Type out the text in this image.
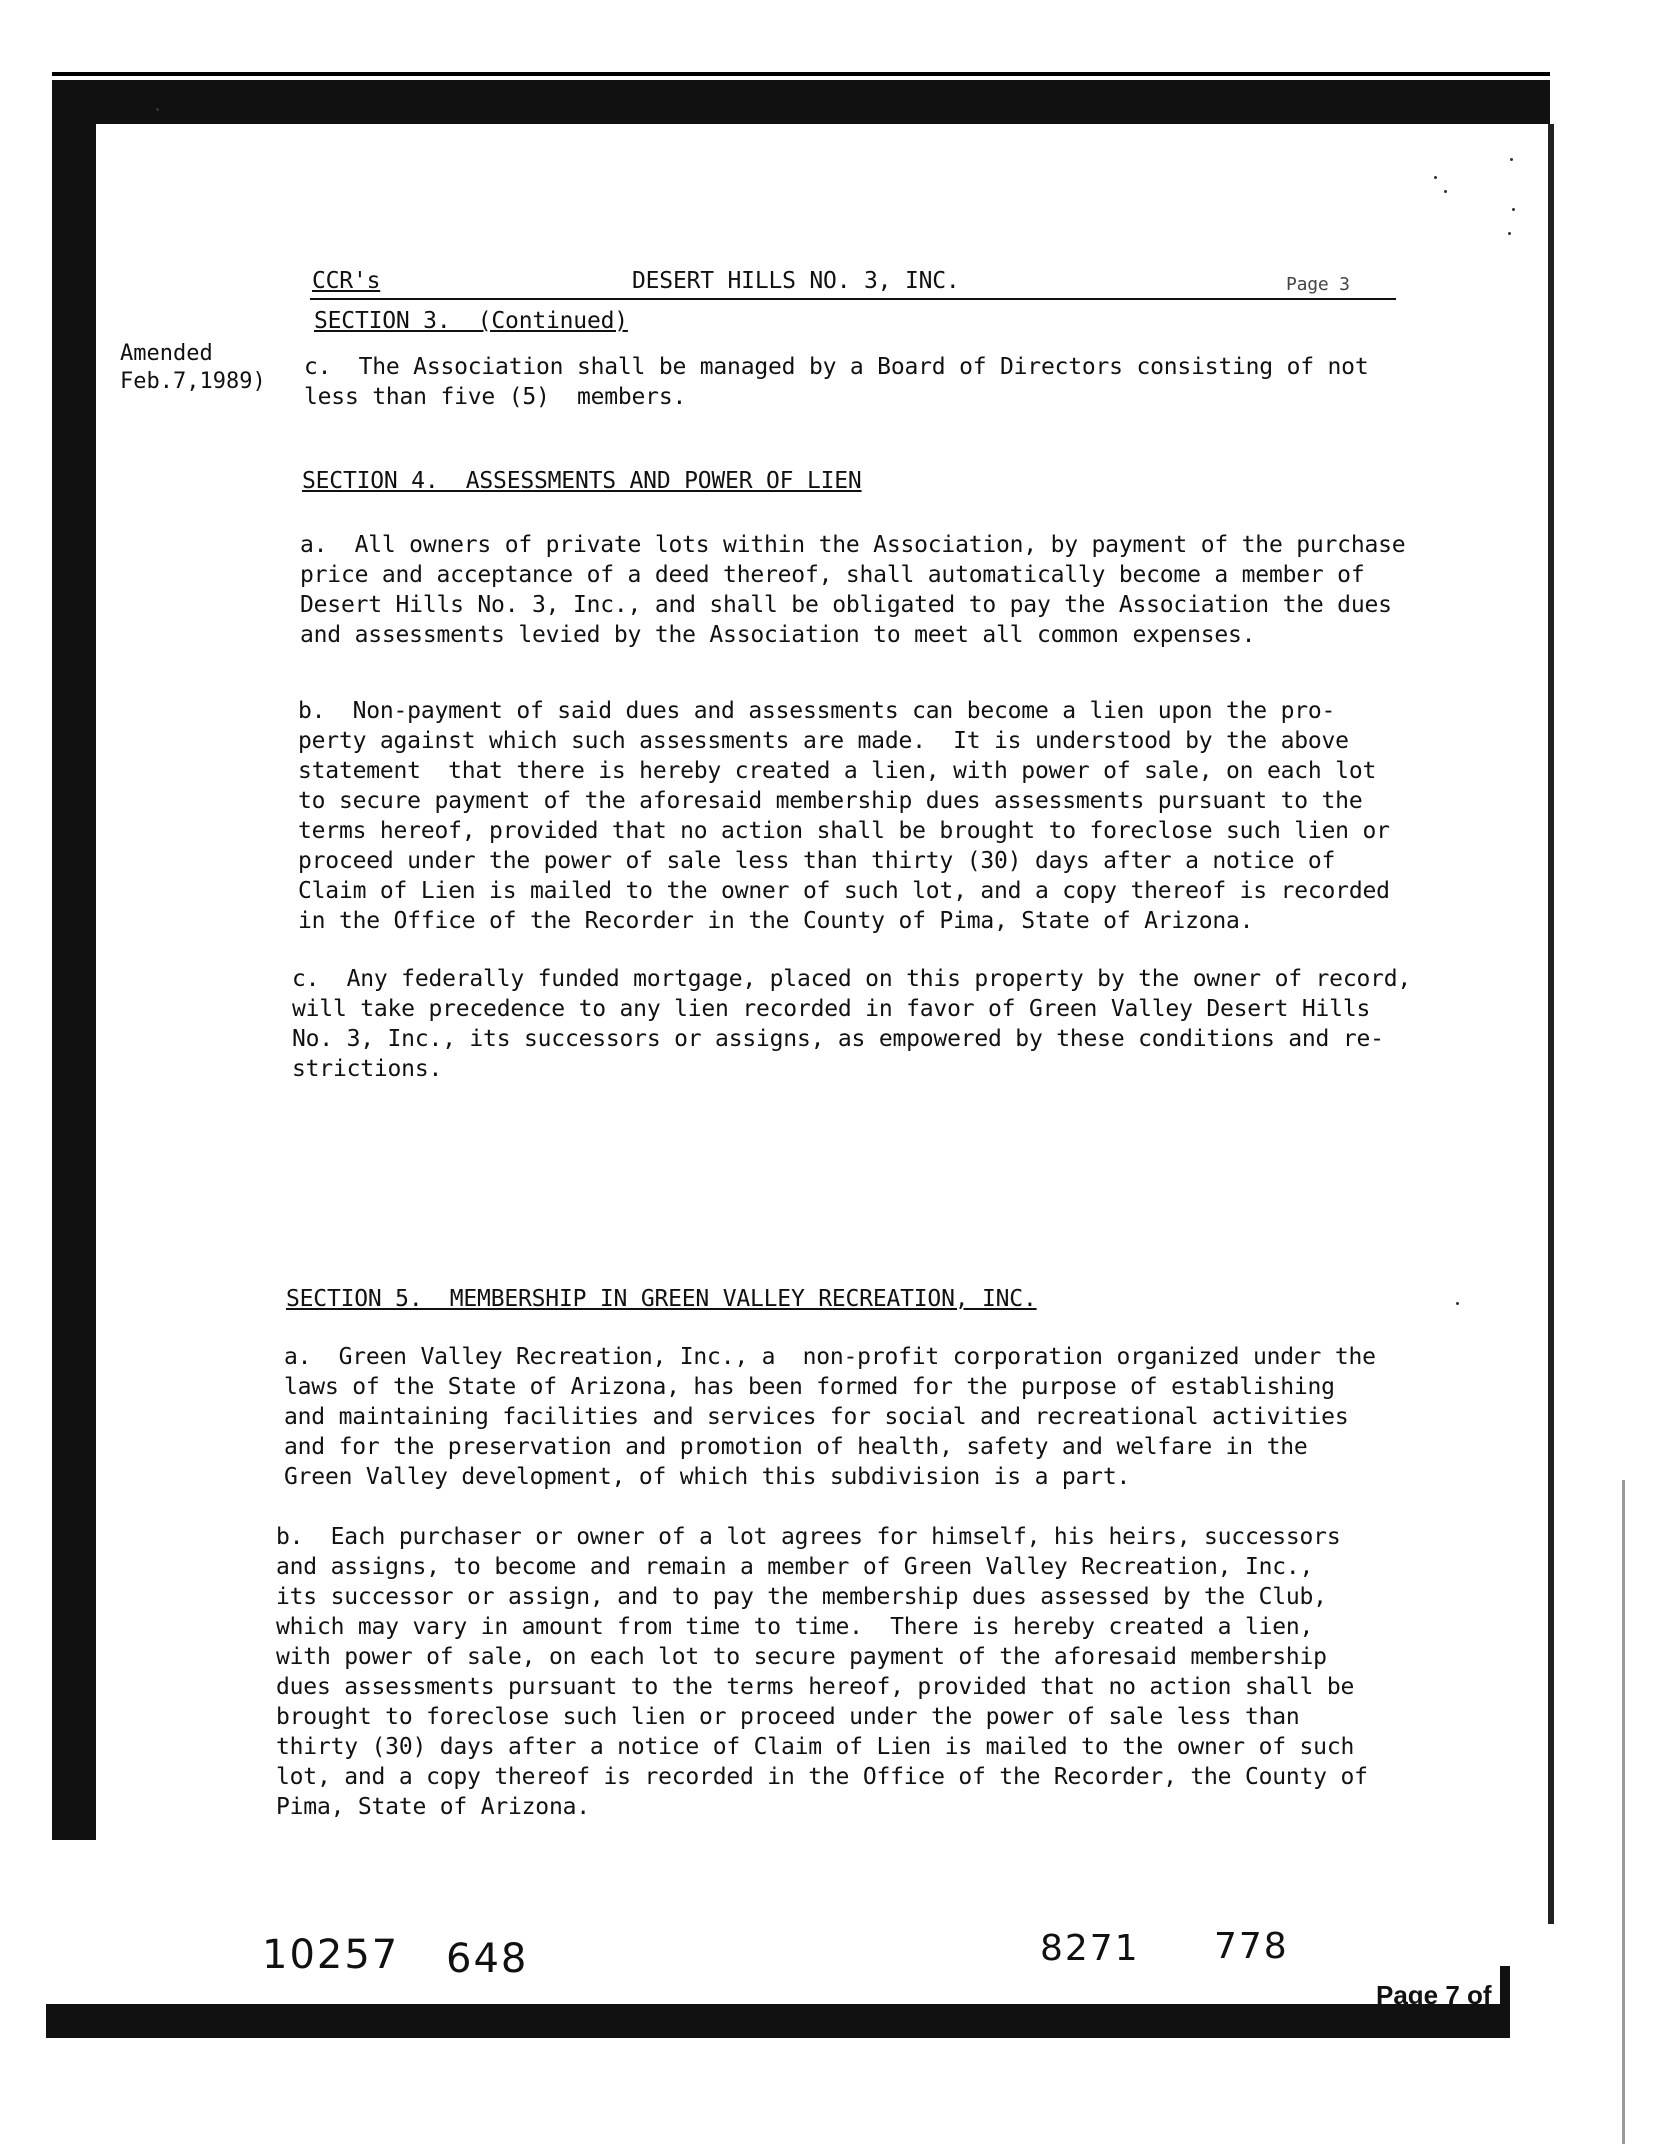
CCR's	DESERT HILLS NO. 3, INC.	Page 3
SECTION 3.  (Continued)
Amended
Feb.7,1989)
c.  The Association shall be managed by a Board of Directors consisting of not
less than five (5)  members.
SECTION 4.  ASSESSMENTS AND POWER OF LIEN
a.  All owners of private lots within the Association, by payment of the purchase
price and acceptance of a deed thereof, shall automatically become a member of
Desert Hills No. 3, Inc., and shall be obligated to pay the Association the dues
and assessments levied by the Association to meet all common expenses.
b.  Non-payment of said dues and assessments can become a lien upon the pro-
perty against which such assessments are made.  It is understood by the above
statement  that there is hereby created a lien, with power of sale, on each lot
to secure payment of the aforesaid membership dues assessments pursuant to the
terms hereof, provided that no action shall be brought to foreclose such lien or
proceed under the power of sale less than thirty (30) days after a notice of
Claim of Lien is mailed to the owner of such lot, and a copy thereof is recorded
in the Office of the Recorder in the County of Pima, State of Arizona.
c.  Any federally funded mortgage, placed on this property by the owner of record,
will take precedence to any lien recorded in favor of Green Valley Desert Hills
No. 3, Inc., its successors or assigns, as empowered by these conditions and re-
strictions.
SECTION 5.  MEMBERSHIP IN GREEN VALLEY RECREATION, INC.
a.  Green Valley Recreation, Inc., a  non-profit corporation organized under the
laws of the State of Arizona, has been formed for the purpose of establishing
and maintaining facilities and services for social and recreational activities
and for the preservation and promotion of health, safety and welfare in the
Green Valley development, of which this subdivision is a part.
b.  Each purchaser or owner of a lot agrees for himself, his heirs, successors
and assigns, to become and remain a member of Green Valley Recreation, Inc.,
its successor or assign, and to pay the membership dues assessed by the Club,
which may vary in amount from time to time.  There is hereby created a lien,
with power of sale, on each lot to secure payment of the aforesaid membership
dues assessments pursuant to the terms hereof, provided that no action shall be
brought to foreclose such lien or proceed under the power of sale less than
thirty (30) days after a notice of Claim of Lien is mailed to the owner of such
lot, and a copy thereof is recorded in the Office of the Recorder, the County of
Pima, State of Arizona.
10257 648	8271 778
Page 7 of
